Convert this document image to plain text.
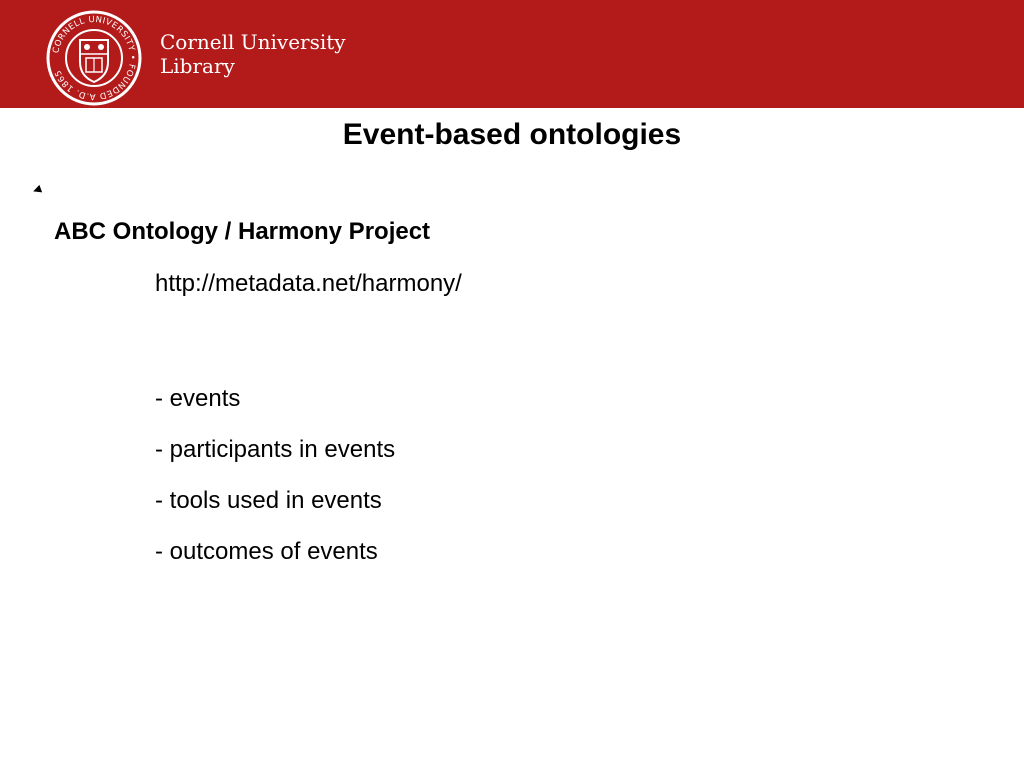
CORNELL UNIVERSITY • FOUNDED A.D. 1865
Cornell University
Library
Event-based ontologies
ABC Ontology / Harmony Project
http://metadata.net/harmony/
- events
- participants in events
- tools used in events
- outcomes of events
